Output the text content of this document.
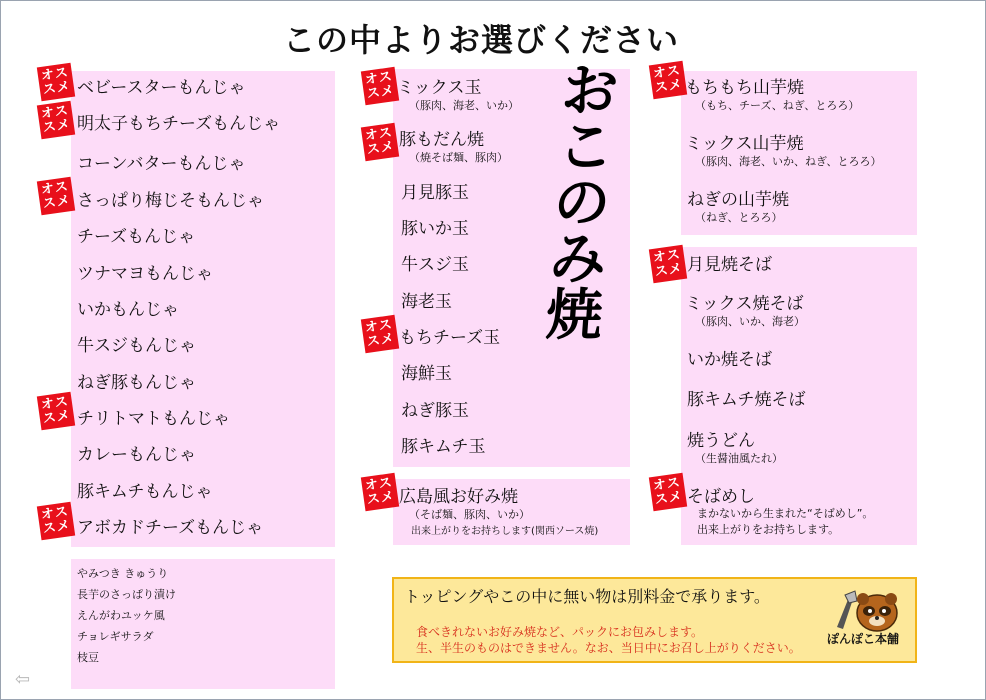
この中よりお選びください
オス
スメ ベビースターもんじゃ
オス
スメ 明太子もちチーズもんじゃ
コーンバターもんじゃ
オス
スメ さっぱり梅じそもんじゃ
チーズもんじゃ
ツナマヨもんじゃ
いかもんじゃ
牛スジもんじゃ
ねぎ豚もんじゃ
オス
スメ チリトマトもんじゃ
カレーもんじゃ
豚キムチもんじゃ
オス
スメ アボカドチーズもんじゃ
やみつき きゅうり
長芋のさっぱり漬け
えんがわユッケ風
チョレギサラダ
枝豆
おこのみ焼
オス
スメ ミックス玉
（豚肉、海老、いか）
オス
スメ 豚もだん焼
（焼そば麺、豚肉）
月見豚玉
豚いか玉
牛スジ玉
海老玉
オス
スメ もちチーズ玉
海鮮玉
ねぎ豚玉
豚キムチ玉
オス
スメ 広島風お好み焼
（そば麺、豚肉、いか）
出来上がりをお持ちします(関西ソース焼)
オス
スメ もちもち山芋焼
（もち、チーズ、ねぎ、とろろ）
ミックス山芋焼
（豚肉、海老、いか、ねぎ、とろろ）
ねぎの山芋焼
（ねぎ、とろろ）
オス
スメ 月見焼そば
ミックス焼そば
（豚肉、いか、海老）
いか焼そば
豚キムチ焼そば
焼うどん
（生醤油風たれ）
オス
スメ そばめし
まかないから生まれた“そばめし”。
出来上がりをお持ちします。
トッピングやこの中に無い物は別料金で承ります。
食べきれないお好み焼など、パックにお包みします。
生、半生のものはできません。なお、当日中にお召し上がりください。
ぽんぽこ本舗
⇦
